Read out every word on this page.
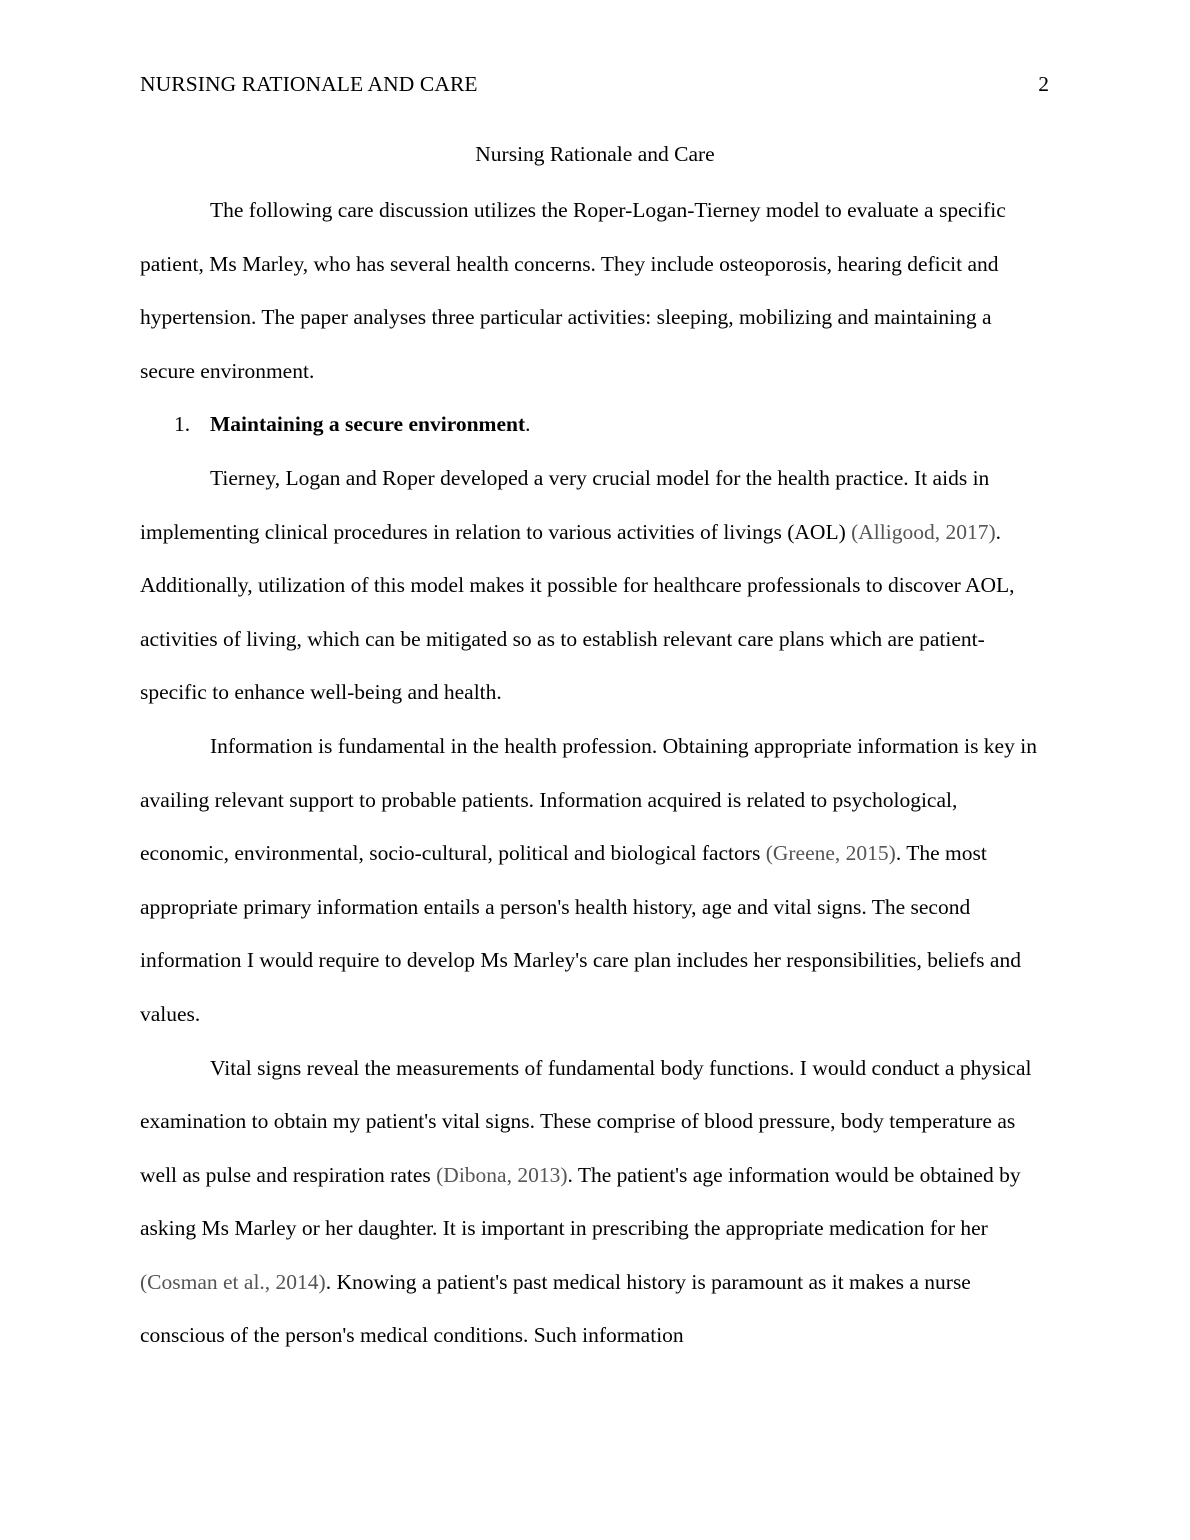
NURSING RATIONALE AND CARE	2
Nursing Rationale and Care

The following care discussion utilizes the Roper-Logan-Tierney model to evaluate a specific patient, Ms Marley, who has several health concerns. They include osteoporosis, hearing deficit and hypertension. The paper analyses three particular activities: sleeping, mobilizing and maintaining a secure environment.

1. Maintaining a secure environment.

Tierney, Logan and Roper developed a very crucial model for the health practice. It aids in implementing clinical procedures in relation to various activities of livings (AOL) (Alligood, 2017). Additionally, utilization of this model makes it possible for healthcare professionals to discover AOL, activities of living, which can be mitigated so as to establish relevant care plans which are patient-specific to enhance well-being and health.

Information is fundamental in the health profession. Obtaining appropriate information is key in availing relevant support to probable patients. Information acquired is related to psychological, economic, environmental, socio-cultural, political and biological factors (Greene, 2015). The most appropriate primary information entails a person's health history, age and vital signs. The second information I would require to develop Ms Marley's care plan includes her responsibilities, beliefs and values.

Vital signs reveal the measurements of fundamental body functions. I would conduct a physical examination to obtain my patient's vital signs. These comprise of blood pressure, body temperature as well as pulse and respiration rates (Dibona, 2013). The patient's age information would be obtained by asking Ms Marley or her daughter. It is important in prescribing the appropriate medication for her (Cosman et al., 2014). Knowing a patient's past medical history is paramount as it makes a nurse conscious of the person's medical conditions. Such information
